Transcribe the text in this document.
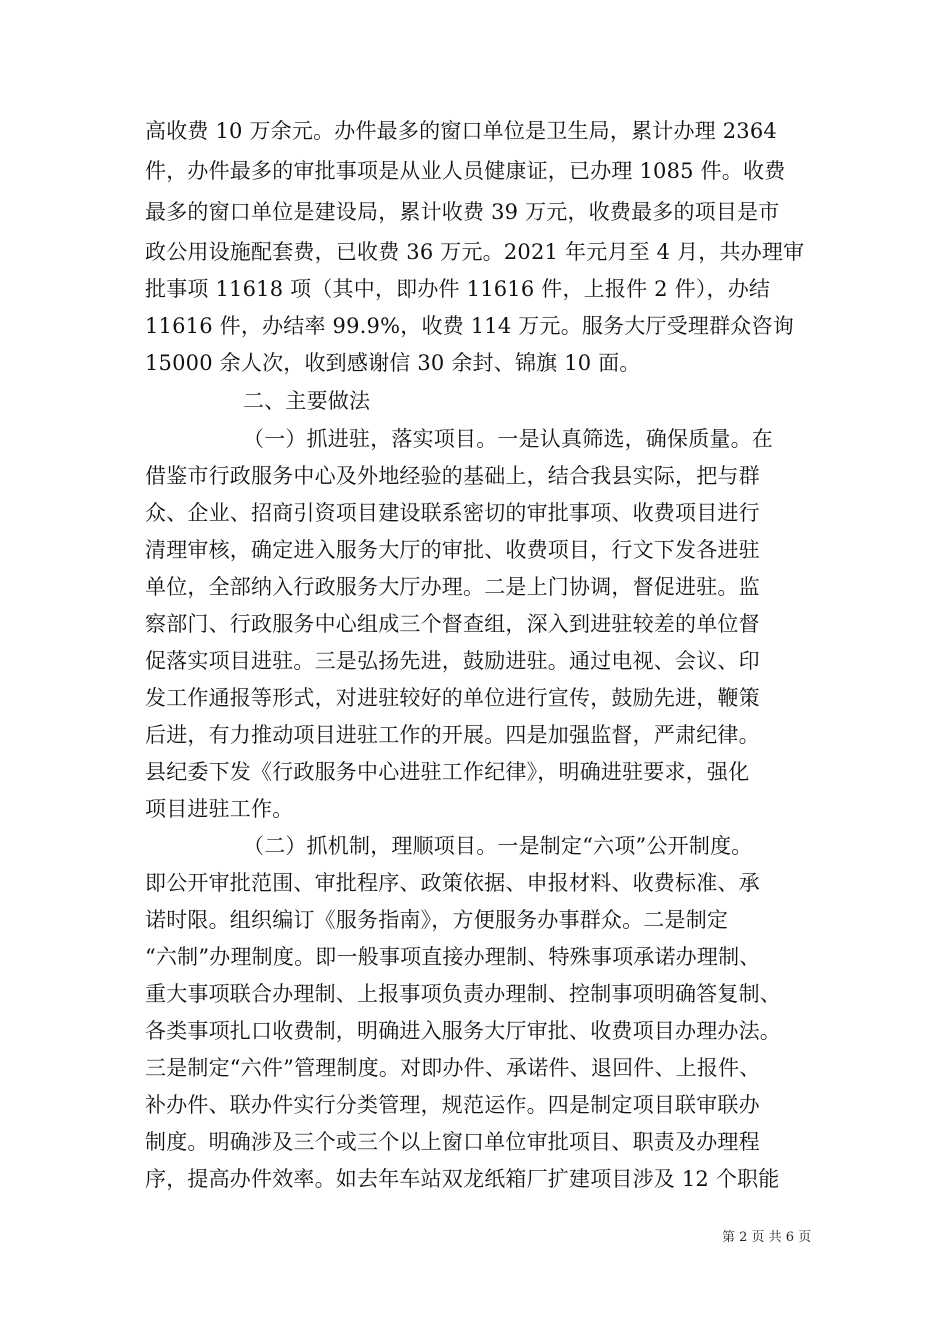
高收费 10 万余元。办件最多的窗口单位是卫生局，累计办理 2364
件，办件最多的审批事项是从业人员健康证，已办理 1085 件。收费
最多的窗口单位是建设局，累计收费 39 万元，收费最多的项目是市
政公用设施配套费，已收费 36 万元。2021 年元月至 4 月，共办理审
批事项 11618 项（其中，即办件 11616 件，上报件 2 件），办结
11616 件，办结率 99.9%，收费 114 万元。服务大厅受理群众咨询
15000 余人次，收到感谢信 30 余封、锦旗 10 面。
二、主要做法
（一）抓进驻，落实项目。一是认真筛选，确保质量。在
借鉴市行政服务中心及外地经验的基础上，结合我县实际，把与群
众、企业、招商引资项目建设联系密切的审批事项、收费项目进行
清理审核，确定进入服务大厅的审批、收费项目，行文下发各进驻
单位，全部纳入行政服务大厅办理。二是上门协调，督促进驻。监
察部门、行政服务中心组成三个督查组，深入到进驻较差的单位督
促落实项目进驻。三是弘扬先进，鼓励进驻。通过电视、会议、印
发工作通报等形式，对进驻较好的单位进行宣传，鼓励先进，鞭策
后进，有力推动项目进驻工作的开展。四是加强监督，严肃纪律。
县纪委下发《行政服务中心进驻工作纪律》，明确进驻要求，强化
项目进驻工作。
（二）抓机制，理顺项目。一是制定“六项”公开制度。
即公开审批范围、审批程序、政策依据、申报材料、收费标准、承
诺时限。组织编订《服务指南》，方便服务办事群众。二是制定
“六制”办理制度。即一般事项直接办理制、特殊事项承诺办理制、
重大事项联合办理制、上报事项负责办理制、控制事项明确答复制、
各类事项扎口收费制，明确进入服务大厅审批、收费项目办理办法。
三是制定“六件”管理制度。对即办件、承诺件、退回件、上报件、
补办件、联办件实行分类管理，规范运作。四是制定项目联审联办
制度。明确涉及三个或三个以上窗口单位审批项目、职责及办理程
序，提高办件效率。如去年车站双龙纸箱厂扩建项目涉及 12 个职能
第 2 页 共 6 页
